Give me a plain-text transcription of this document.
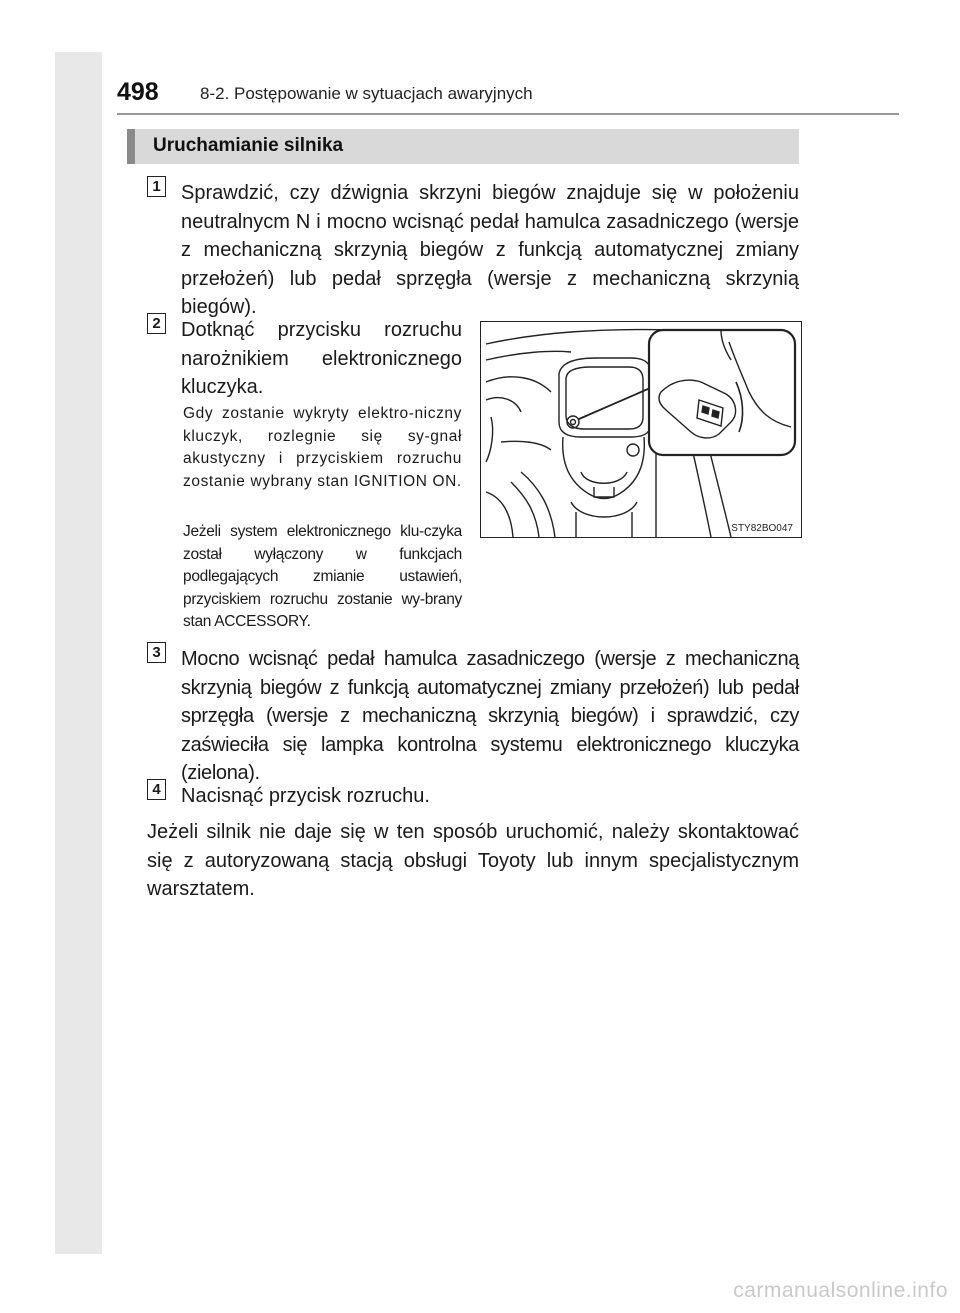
498 8-2. Postępowanie w sytuacjach awaryjnych
Uruchamianie silnika
1 Sprawdzić, czy dźwignia skrzyni biegów znajduje się w położeniu neutralnycm N i mocno wcisnąć pedał hamulca zasadniczego (wersje z mechaniczną skrzynią biegów z funkcją automatycznej zmiany przełożeń) lub pedał sprzęgła (wersje z mechaniczną skrzynią biegów).
2 Dotknąć przycisku rozruchu narożnikiem elektronicznego kluczyka.
Gdy zostanie wykryty elektro-niczny kluczyk, rozlegnie się sy-gnał akustyczny i przyciskiem rozruchu zostanie wybrany stan IGNITION ON.
Jeżeli system elektronicznego klu-czyka został wyłączony w funkcjach podlegających zmianie ustawień, przyciskiem rozruchu zostanie wy-brany stan ACCESSORY.
STY82BO047
3 Mocno wcisnąć pedał hamulca zasadniczego (wersje z mechaniczną skrzynią biegów z funkcją automatycznej zmiany przełożeń) lub pedał sprzęgła (wersje z mechaniczną skrzynią biegów) i sprawdzić, czy zaświeciła się lampka kontrolna systemu elektronicznego kluczyka (zielona).
4 Nacisnąć przycisk rozruchu.
Jeżeli silnik nie daje się w ten sposób uruchomić, należy skontaktować się z autoryzowaną stacją obsługi Toyoty lub innym specjalistycznym warsztatem.
carmanualsonline.info
